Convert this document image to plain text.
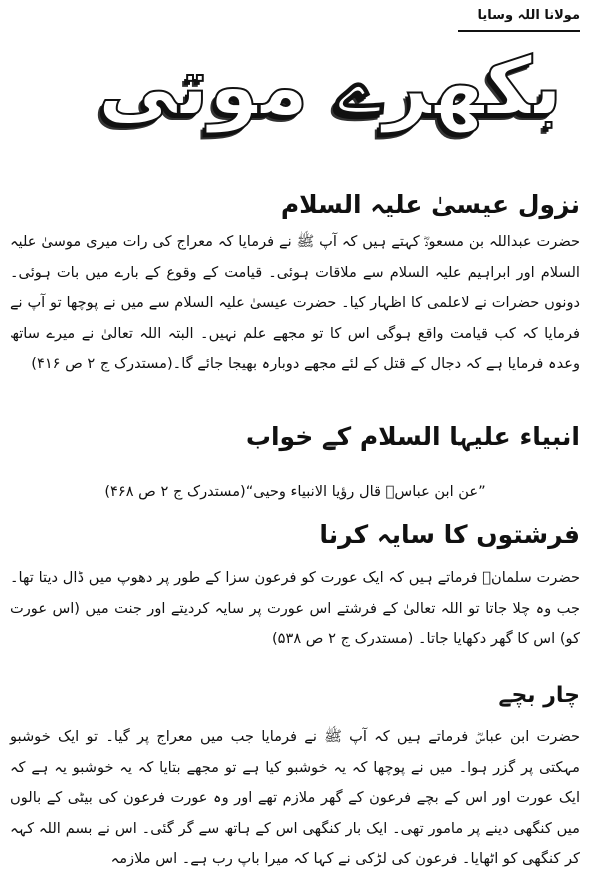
مولانا اللہ وسایا
بکھرے موتی
نزول عیسیٰ علیہ السلام

حضرت عبداللہ بن مسعودؓ کہتے ہیں کہ آپ ﷺ نے فرمایا کہ معراج کی رات میری موسیٰ علیہ السلام اور ابراہیم علیہ السلام سے ملاقات ہوئی۔ قیامت کے وقوع کے بارے میں بات ہوئی۔ دونوں حضرات نے لاعلمی کا اظہار کیا۔ حضرت عیسیٰ علیہ السلام سے میں نے پوچھا تو آپ نے فرمایا کہ کب قیامت واقع ہوگی اس کا تو مجھے علم نہیں۔ البتہ اللہ تعالیٰ نے میرے ساتھ وعدہ فرمایا ہے کہ دجال کے قتل کے لئے مجھے دوبارہ بھیجا جائے گا۔(مستدرک ج ۲ ص ۴۱۶)

انبیاء علیہا السلام کے خواب

”عن ابن عباسؓ قال رؤیا الانبیاء وحیی“(مستدرک ج ۲ ص ۴۶۸)

فرشتوں کا سایہ کرنا

حضرت سلمانؓ فرماتے ہیں کہ ایک عورت کو فرعون سزا کے طور پر دھوپ میں ڈال دیتا تھا۔ جب وہ چلا جاتا تو اللہ تعالیٰ کے فرشتے اس عورت پر سایہ کردیتے اور جنت میں (اس عورت کو) اس کا گھر دکھایا جاتا۔ (مستدرک ج ۲ ص ۵۳۸)

چار بچے

حضرت ابن عباسؓ فرماتے ہیں کہ آپ ﷺ نے فرمایا جب میں معراج پر گیا۔ تو ایک خوشبو مہکتی پر گزر ہوا۔ میں نے پوچھا کہ یہ خوشبو کیا ہے تو مجھے بتایا کہ یہ خوشبو یہ ہے کہ ایک عورت اور اس کے بچے فرعون کے گھر ملازم تھے اور وہ عورت فرعون کی بیٹی کے بالوں میں کنگھی دینے پر مامور تھی۔ ایک بار کنگھی اس کے ہاتھ سے گر گئی۔ اس نے بسم اللہ کہہ کر کنگھی کو اٹھایا۔ فرعون کی لڑکی نے کہا کہ میرا باپ رب ہے۔ اس ملازمہ
